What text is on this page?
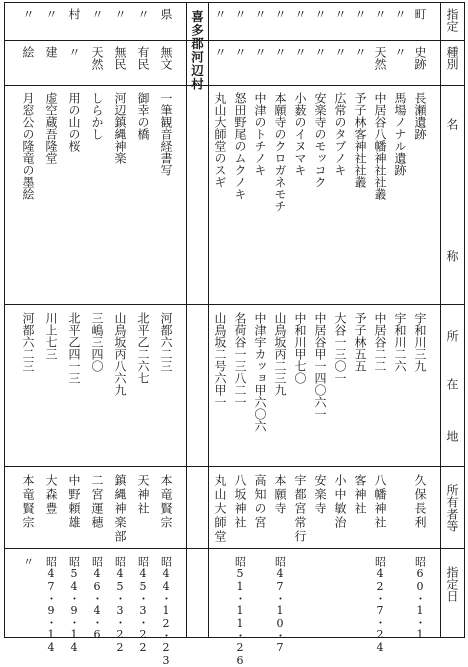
指定
種別
名
称
所
在
地
所有者等
指定日
喜多郡河辺村	町
史跡
長瀬遺跡
宇和川三九
久保長利
昭60・1・1
〃
〃
馬場ノナル遺跡
宇和川二六
〃
天然
中居谷八幡神社社叢
中居谷二二
八幡神社
昭42・7・24
〃
〃
予子林客神社社叢
予子林五五
客神社
〃
〃
広常のタブノキ
大谷一三〇一
小中敏治
〃
〃
安楽寺のモッコク
中居谷甲一四〇六一
安楽寺
〃
〃
小薮のイヌマキ
中和川甲七〇
宇都宮常行
〃
〃
本願寺のクロガネモチ
山鳥坂丙二三九
本願寺
昭47・10・7
〃
〃
中津のトチノキ
中津宇カッョ甲六〇六
高知の宮
〃
〃
怒田野尾のムクノキ
名荷谷一三八二一
八坂神社
昭51・11・26
〃
〃
丸山大師堂のスギ
山鳥坂二号六甲一
丸山大師堂
県
無文
一筆観音経書写
河都六二三
本竜賢宗
昭44・12・23
〃
有民
御幸の橋
北平乙二六七
天神社
昭45・3・22
〃
無民
河辺鎮縄神楽
山鳥坂丙八六九
鎮縄神楽部
昭45・3・22
〃
天然
しらかし
三嶋三四〇
二宮運穂
昭46・4・6
村
〃
用の山の桜
北平乙四一三
中野頼雄
昭54・9・14
〃
建
虚空蔵吾隆堂
川上七三
大森豊
昭47・9・14
〃
絵
月窓公の隆竜の墨絵
河都六二三
本竜賢宗
〃
